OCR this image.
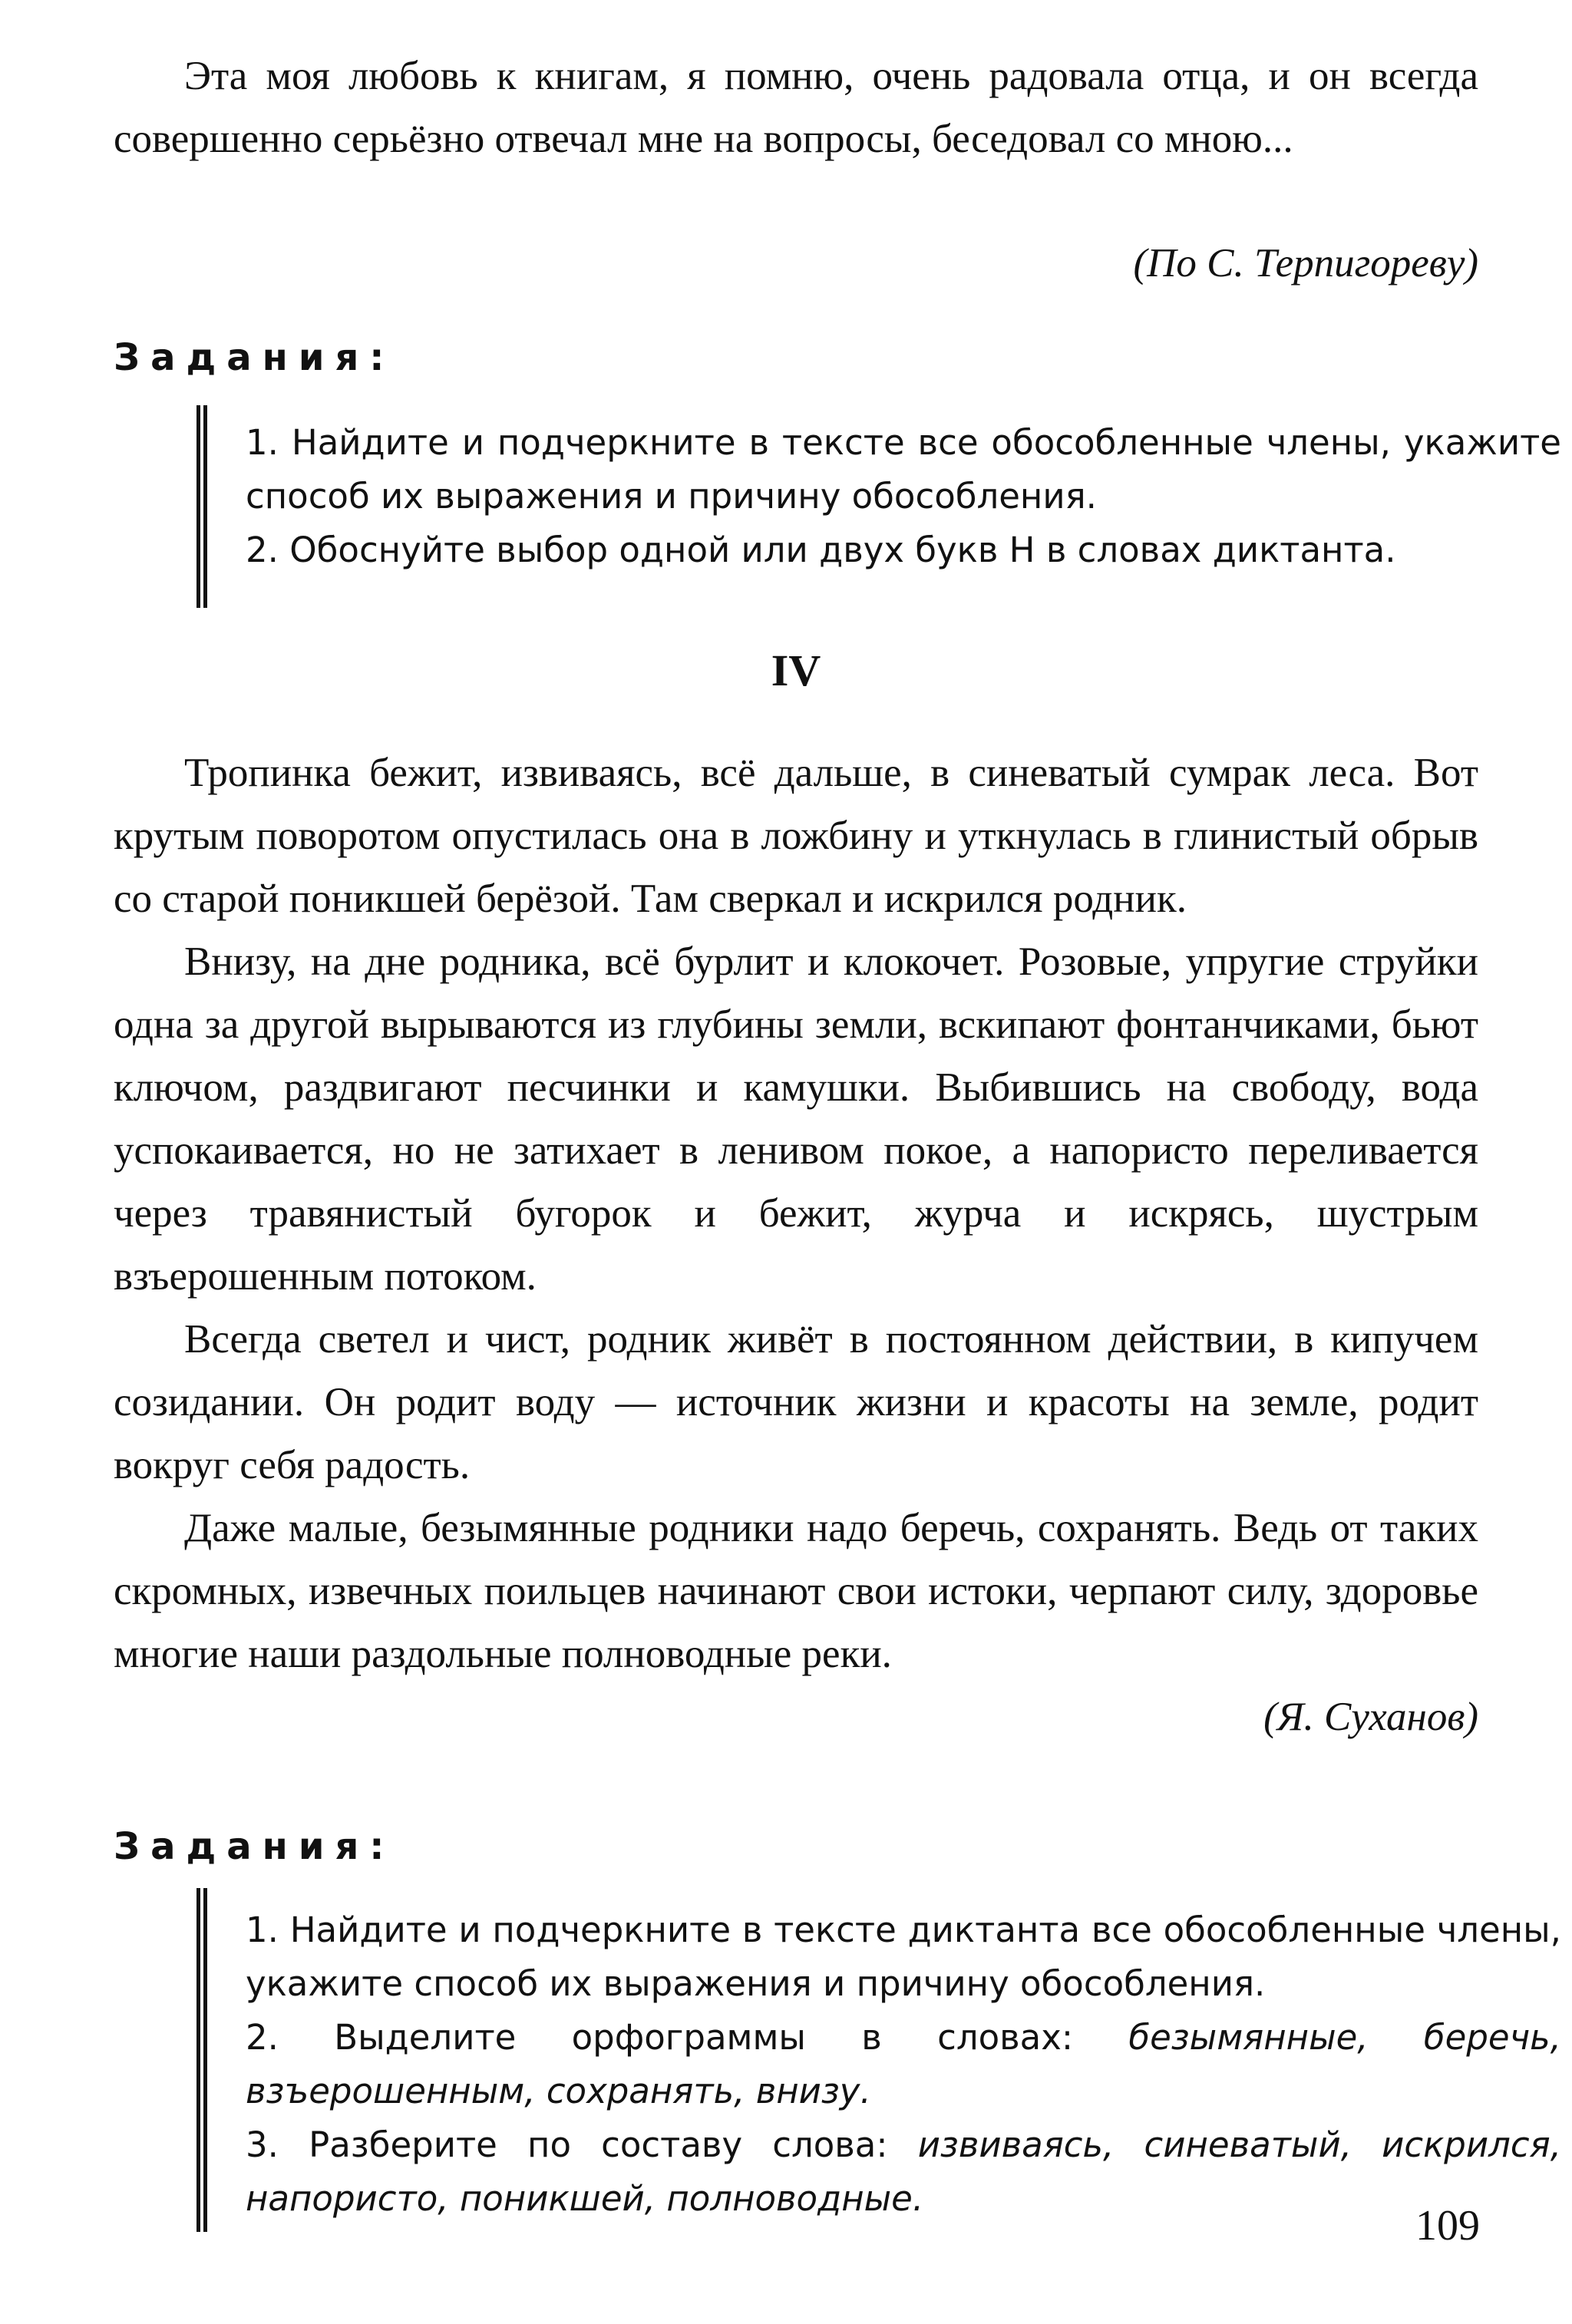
Эта моя любовь к книгам, я помню, очень радовала отца, и он всегда совершенно серьёзно отвечал мне на вопросы, беседовал со мною...

(По С. Терпигореву)

Задания:

1. Найдите и подчеркните в тексте все обособленные члены, укажите способ их выражения и причину обособления.

2. Обоснуйте выбор одной или двух букв Н в словах диктанта.

IV

Тропинка бежит, извиваясь, всё дальше, в синеватый сумрак леса. Вот крутым поворотом опустилась она в ложбину и уткнулась в глинистый обрыв со старой поникшей берёзой. Там сверкал и искрился родник.

Внизу, на дне родника, всё бурлит и клокочет. Розовые, упругие струйки одна за другой вырываются из глубины земли, вскипают фонтанчиками, бьют ключом, раздвигают песчинки и камушки. Выбившись на свободу, вода успокаивается, но не затихает в ленивом покое, а напористо переливается через травянистый бугорок и бежит, журча и искрясь, шустрым взъерошенным потоком.

Всегда светел и чист, родник живёт в постоянном действии, в кипучем созидании. Он родит воду — источник жизни и красоты на земле, родит вокруг себя радость.

Даже малые, безымянные родники надо беречь, сохранять. Ведь от таких скромных, извечных поильцев начинают свои истоки, черпают силу, здоровье многие наши раздольные полноводные реки.

(Я. Суханов)

Задания:

1. Найдите и подчеркните в тексте диктанта все обособленные члены, укажите способ их выражения и причину обособления.

2. Выделите орфограммы в словах: безымянные, беречь, взъерошенным, сохранять, внизу.

3. Разберите по составу слова: извиваясь, синеватый, искрился, напористо, поникшей, полноводные.

109
